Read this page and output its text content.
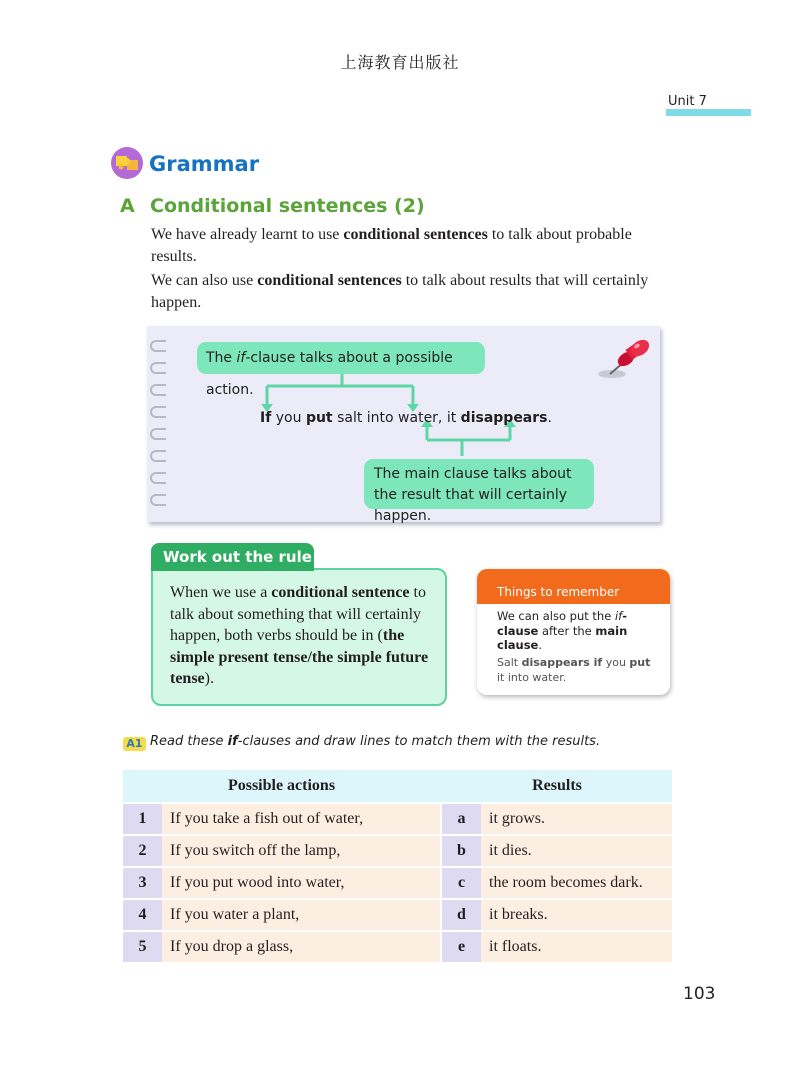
上海教育出版社
Unit 7
Grammar
A Conditional sentences (2)
We have already learnt to use conditional sentences to talk about probable results.
We can also use conditional sentences to talk about results that will certainly happen.
The if-clause talks about a possible action.
If you put salt into water, it disappears.
The main clause talks about the result that will certainly happen.
Work out the rule
When we use a conditional sentence to talk about something that will certainly happen, both verbs should be in (the simple present tense/the simple future tense).
Things to remember
We can also put the if-clause after the main clause.
Salt disappears if you put it into water.
A1 Read these if-clauses and draw lines to match them with the results.
Possible actions			Results	
1	If you take a fish out of water,		a	it grows.
2	If you switch off the lamp,		b	it dies.
3	If you put wood into water,		c	the room becomes dark.
4	If you water a plant,		d	it breaks.
5	If you drop a glass,		e	it floats.
103
